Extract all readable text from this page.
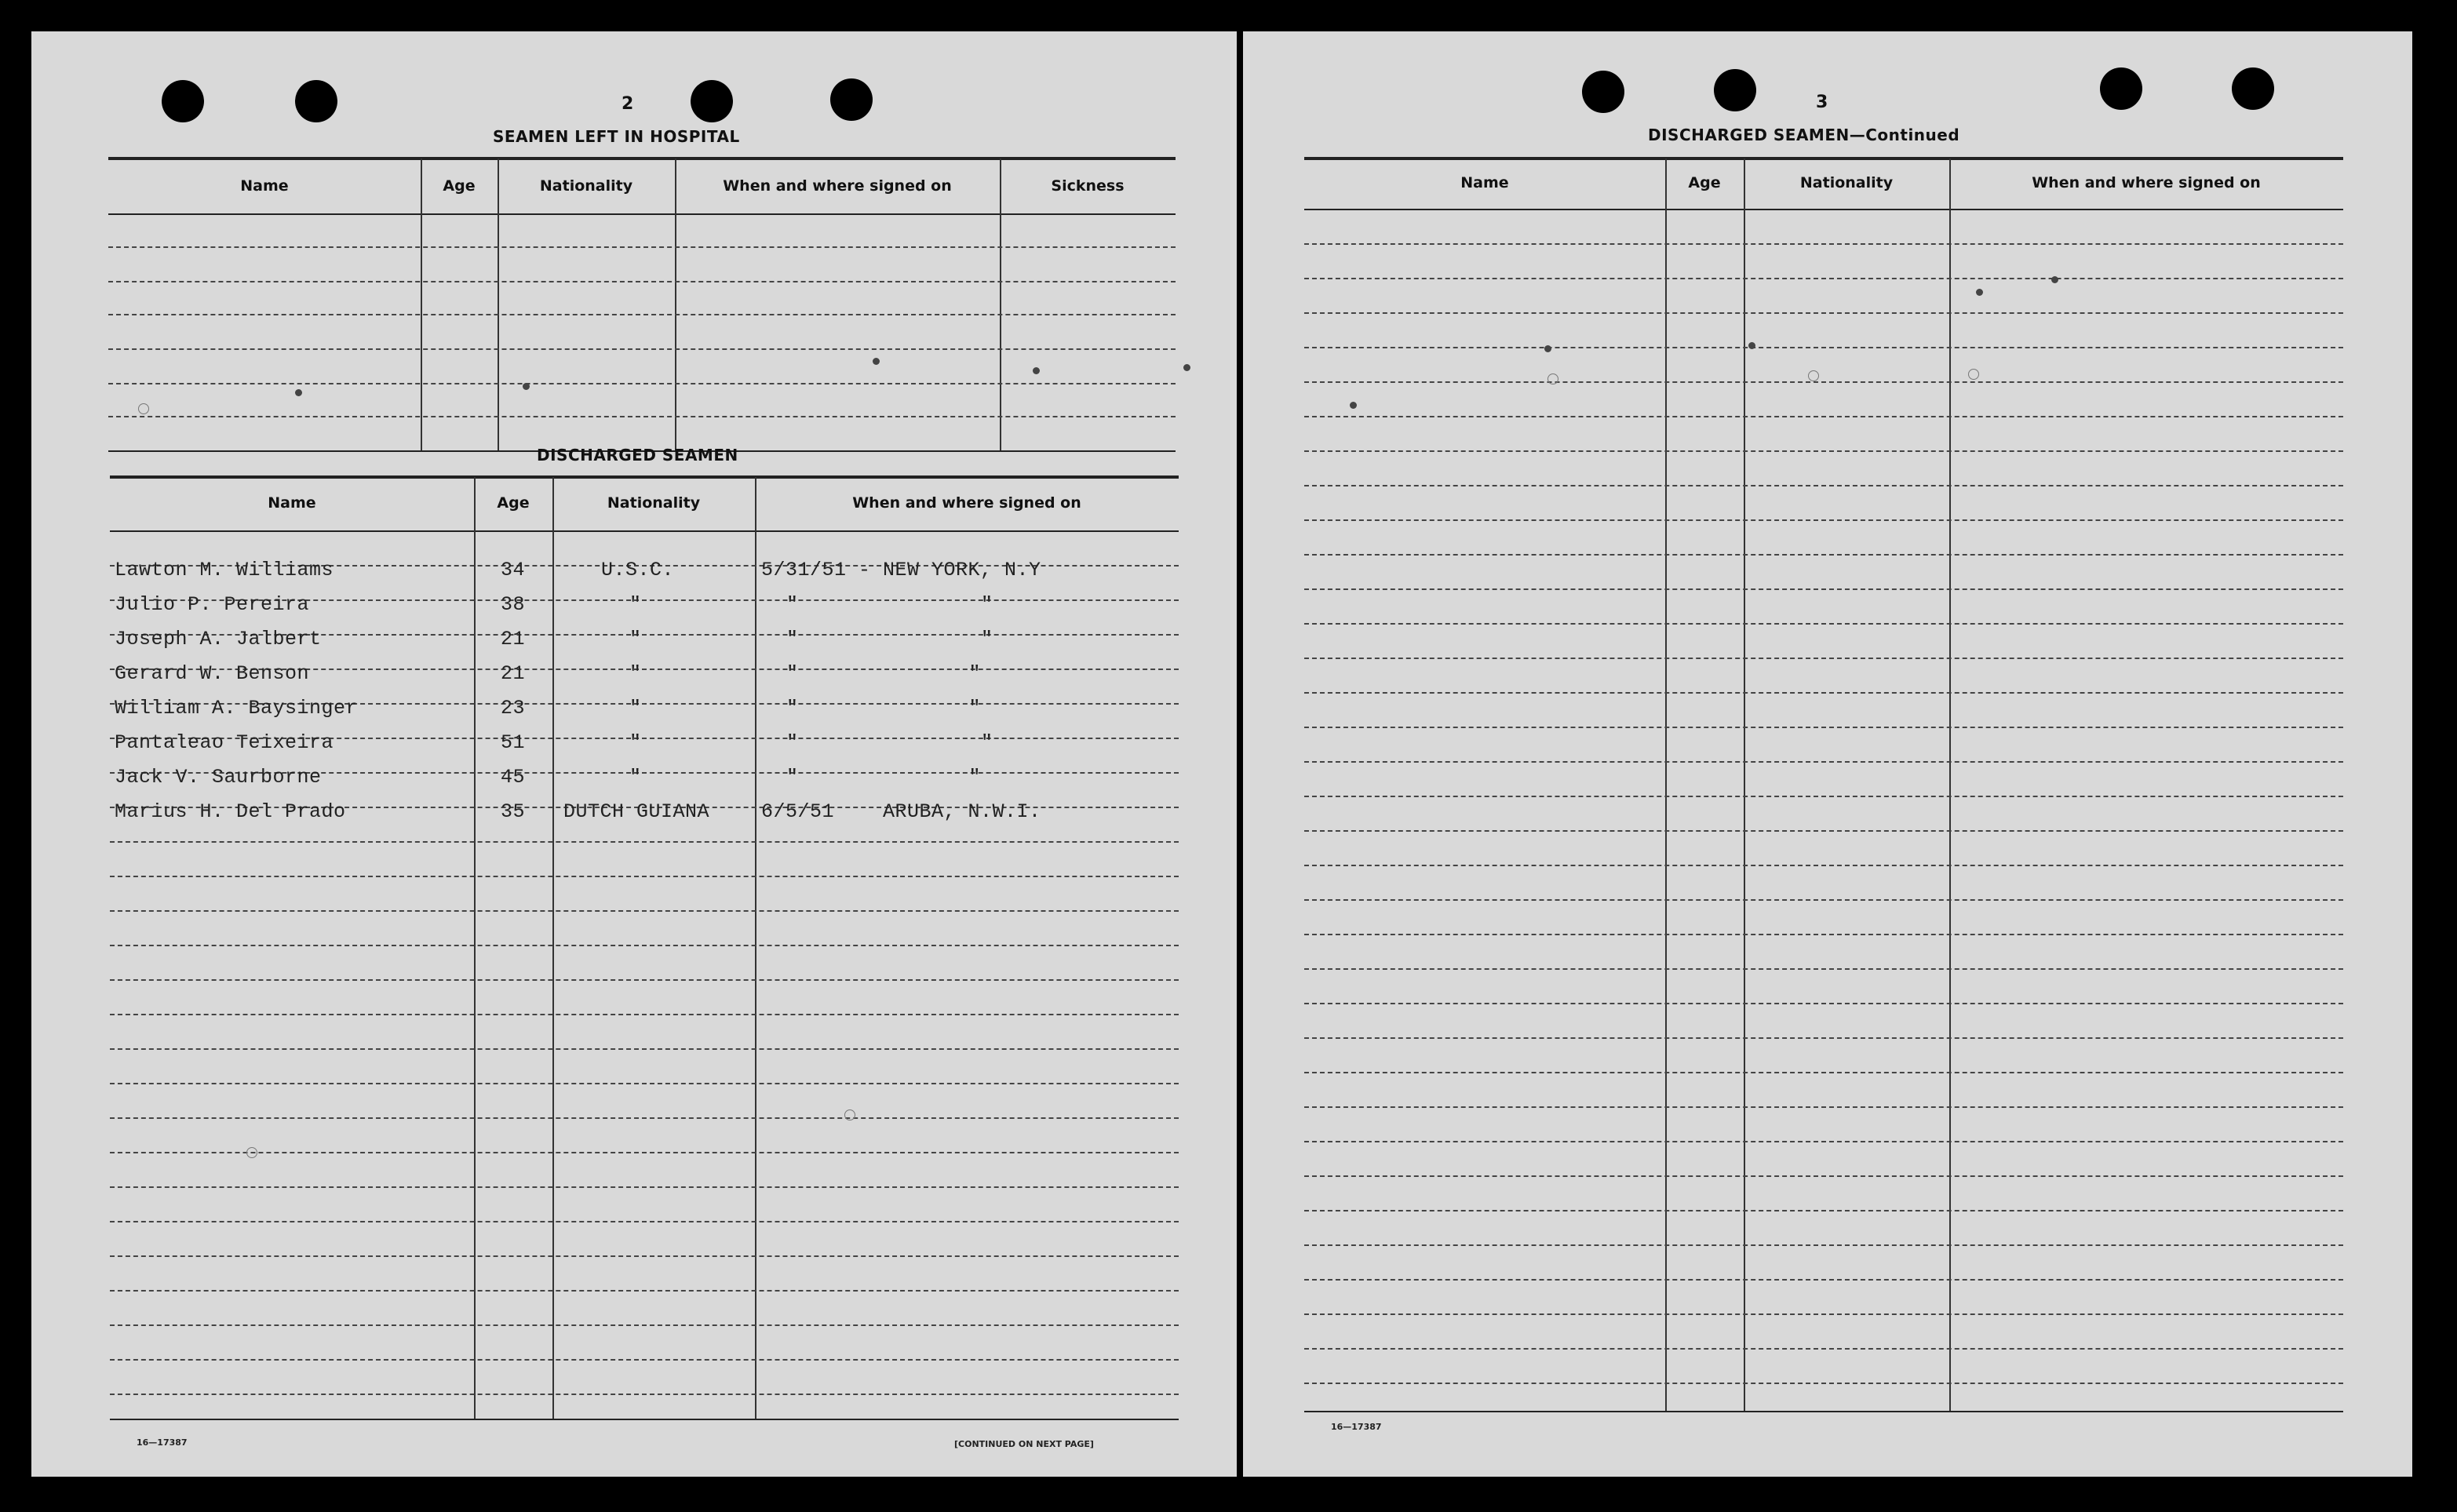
2
SEAMEN LEFT IN HOSPITAL
Name	Age	Nationality	When and where signed on	Sickness
DISCHARGED SEAMEN
Name	Age	Nationality	When and where signed on
Lawton M. Williams	34	U.S.C.	5/31/51 - NEW YORK, N.Y
Julio P. Pereira	38	"	"               "
Joseph A. Jalbert	21	"	"               "
Gerard W. Benson	21	"	"              "
William A. Baysinger	23	"	"              "
Pantaleao Teixeira	51	"	"               "
Jack V. Saurborne	45	"	"              "
Marius H. Del Prado	35 DUTCH GUIANA	6/5/51    ARUBA, N.W.I.
16—17387	[CONTINUED ON NEXT PAGE]
3
DISCHARGED SEAMEN—Continued
Name	Age	Nationality	When and where signed on
16—17387
